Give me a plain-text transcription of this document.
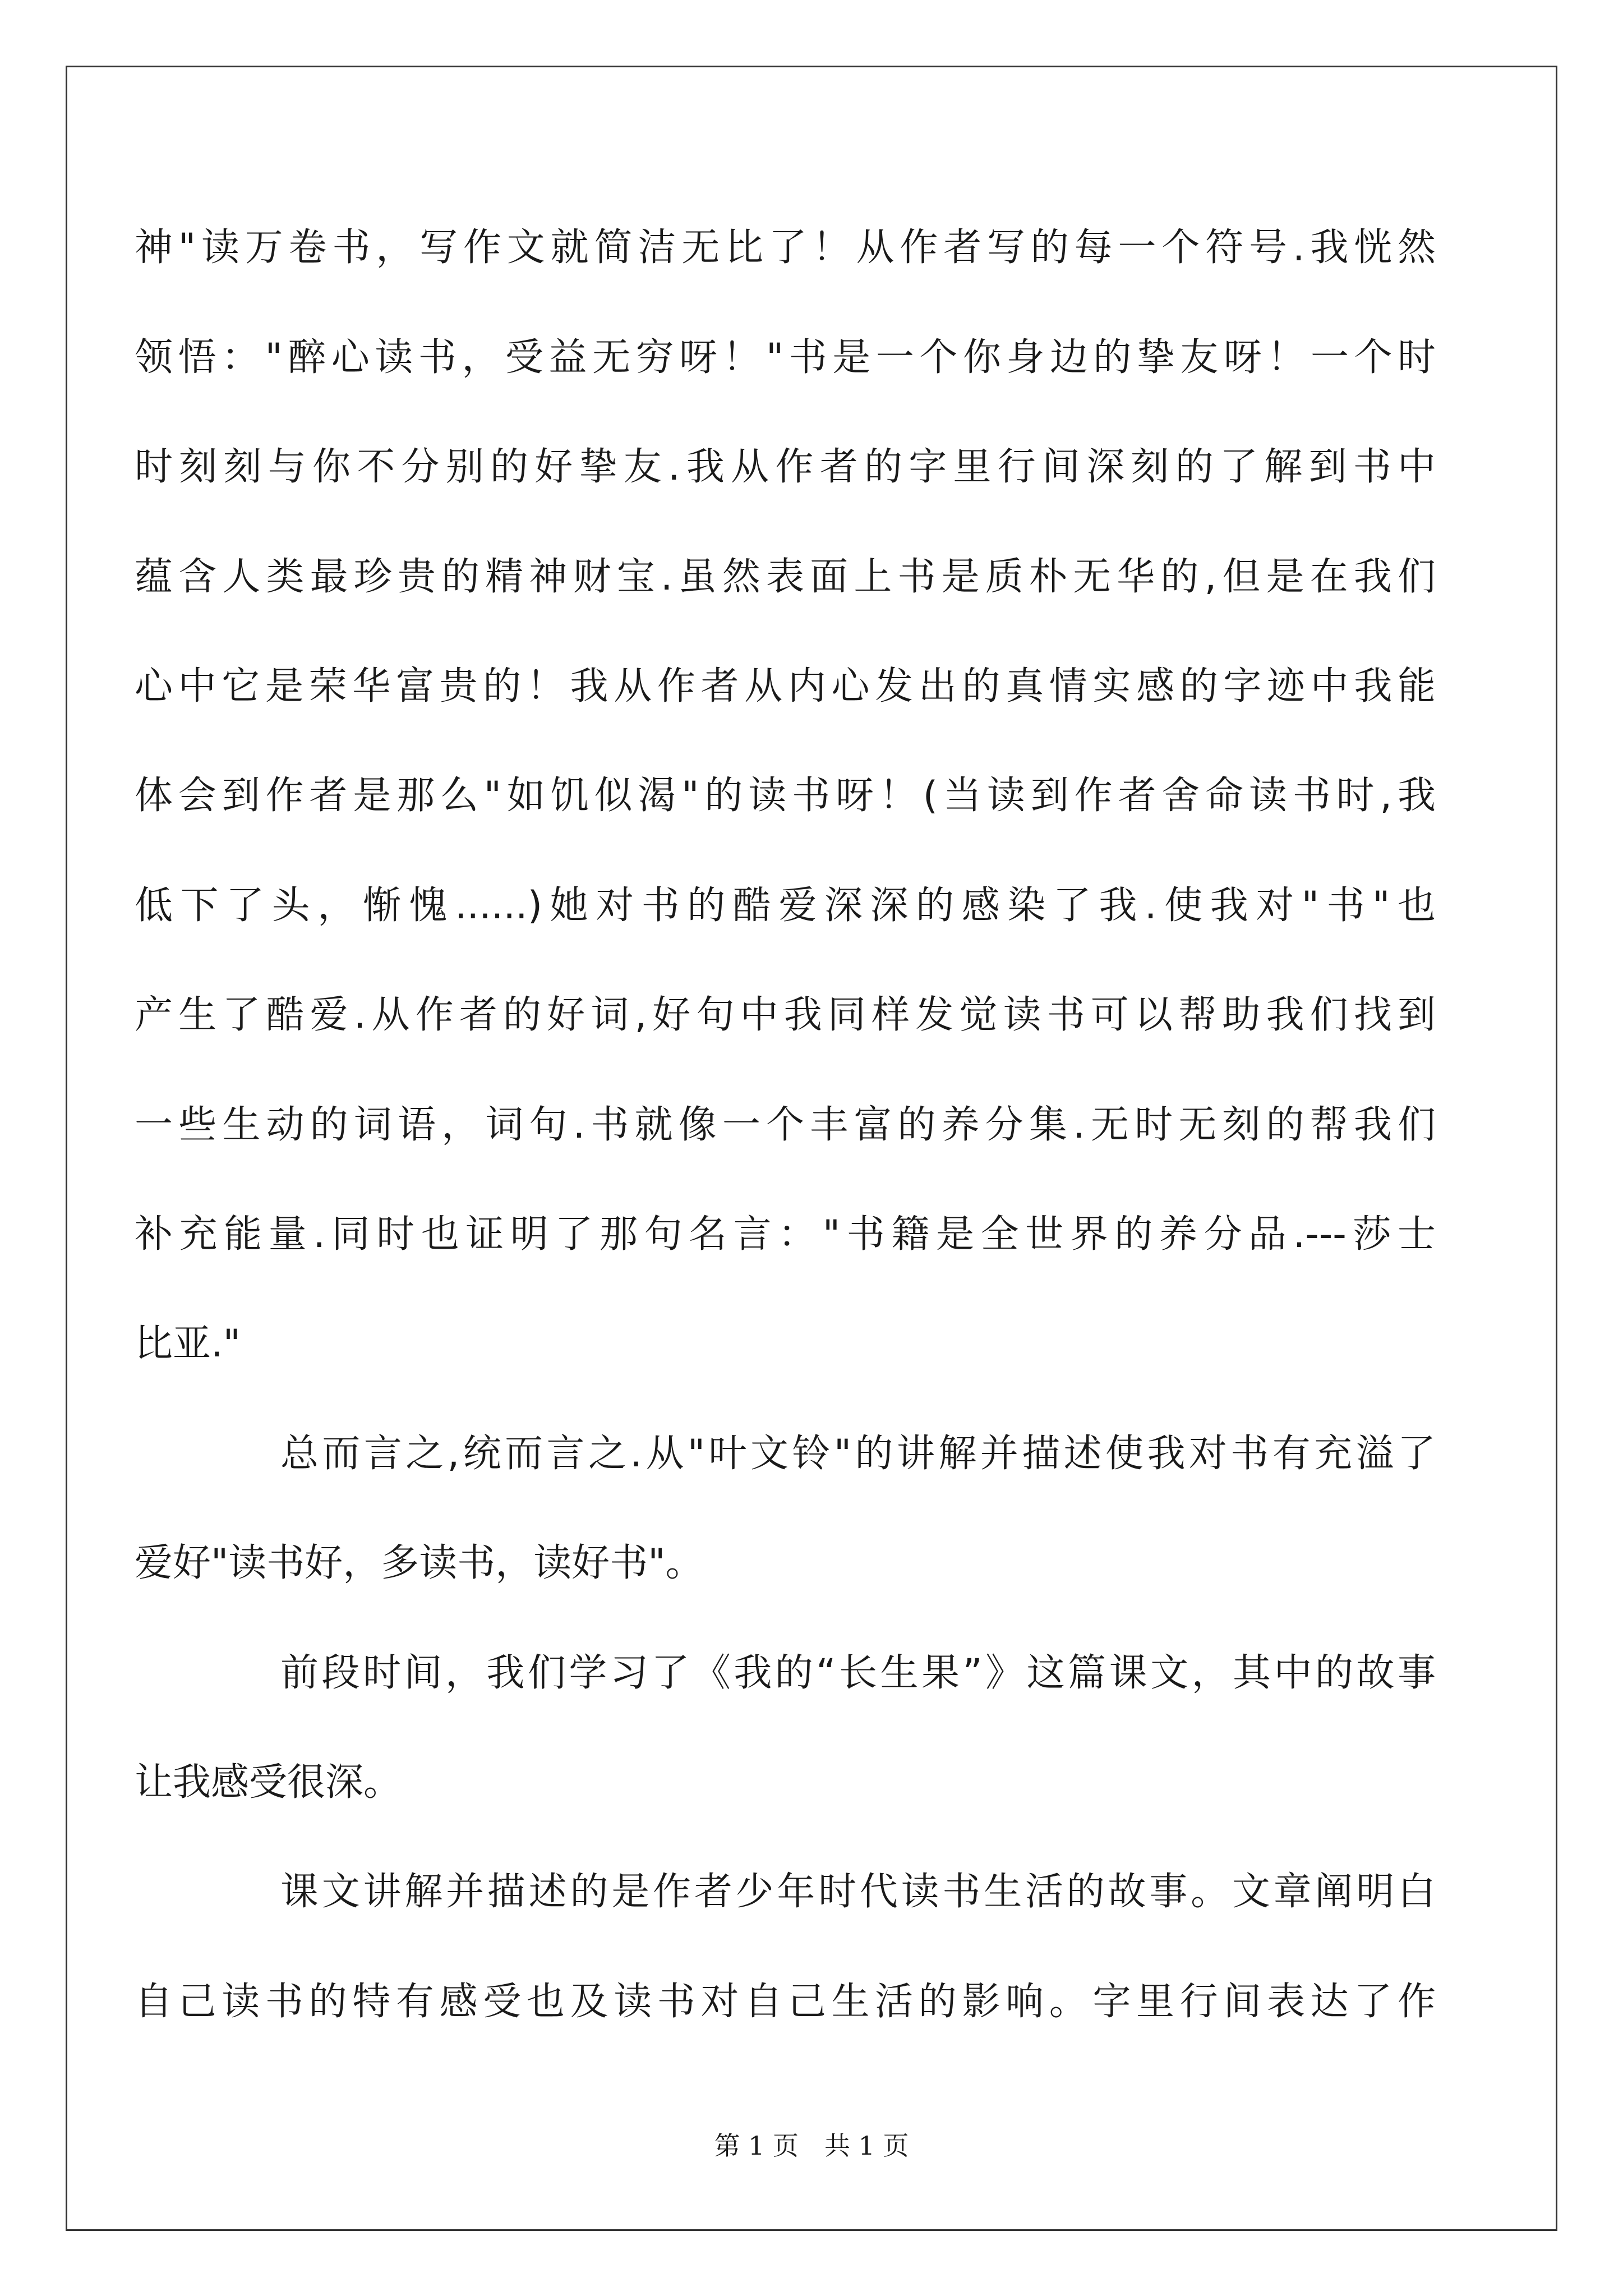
神"读万卷书，写作文就简洁无比了！从作者写的每一个符号.我恍然
领悟："醉心读书，受益无穷呀！"书是一个你身边的挚友呀！一个时
时刻刻与你不分别的好挚友.我从作者的字里行间深刻的了解到书中
蕴含人类最珍贵的精神财宝.虽然表面上书是质朴无华的,但是在我们
心中它是荣华富贵的！我从作者从内心发出的真情实感的字迹中我能
体会到作者是那么"如饥似渴"的读书呀！(当读到作者舍命读书时,我
低下了头，惭愧......)她对书的酷爱深深的感染了我.使我对"书"也
产生了酷爱.从作者的好词,好句中我同样发觉读书可以帮助我们找到
一些生动的词语，词句.书就像一个丰富的养分集.无时无刻的帮我们
补充能量.同时也证明了那句名言："书籍是全世界的养分品.---莎士
比亚."
总而言之,统而言之.从"叶文铃"的讲解并描述使我对书有充溢了
爱好"读书好，多读书，读好书"。
前段时间，我们学习了《我的“长生果”》这篇课文，其中的故事
让我感受很深。
课文讲解并描述的是作者少年时代读书生活的故事。文章阐明白
自己读书的特有感受也及读书对自己生活的影响。字里行间表达了作
第 1 页　共 1 页
